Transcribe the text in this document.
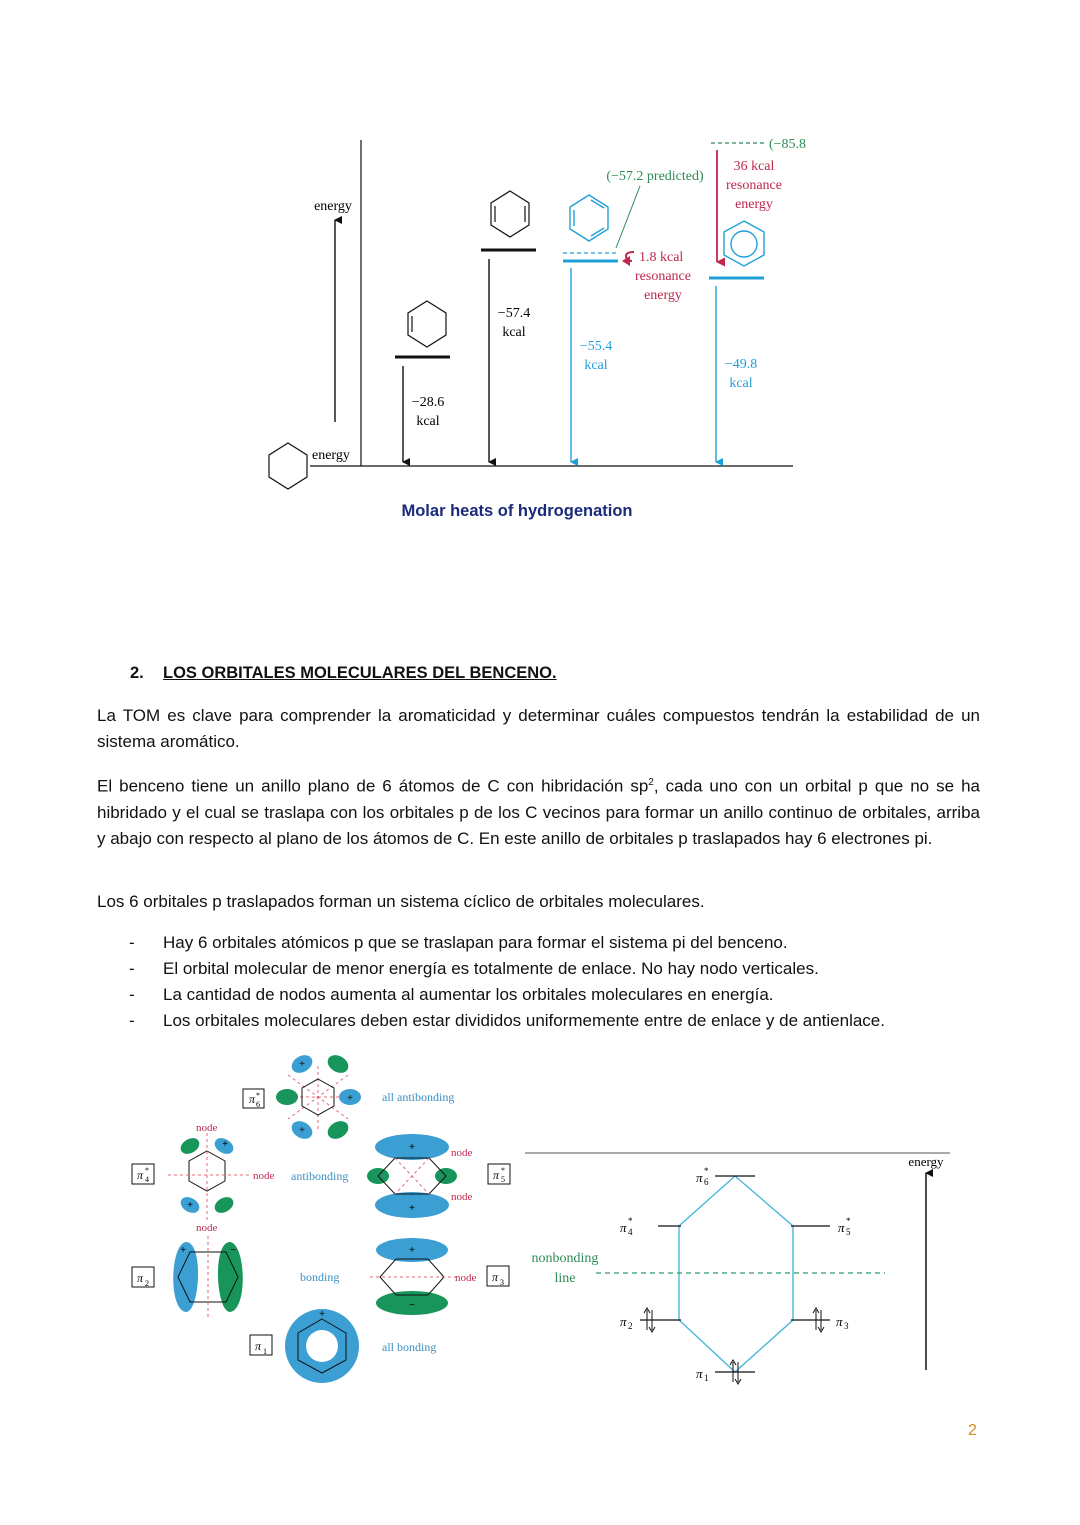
energy
energy
−28.6
kcal
−57.4
kcal
−55.4
kcal
(−57.2 predicted)
1.8 kcal
resonance
energy
(−85.8
36 kcal
resonance
energy
−49.8
kcal
Molar heats of hydrogenation
2. LOS ORBITALES MOLECULARES DEL BENCENO.

La TOM es clave para comprender la aromaticidad y determinar cuáles compuestos tendrán la estabilidad de un sistema aromático.

El benceno tiene un anillo plano de 6 átomos de C con hibridación $sp^2$, cada uno con un orbital p que no se ha hibridado y el cual se traslapa con los orbitales p de los C vecinos para formar un anillo continuo de orbitales, arriba y abajo con respecto al plano de los átomos de C. En este anillo de orbitales p traslapados hay 6 electrones pi.

Los 6 orbitales p traslapados forman un sistema cíclico de orbitales moleculares.

- Hay 6 orbitales atómicos p que se traslapan para formar el sistema pi del benceno.
- El orbital molecular de menor energía es totalmente de enlace. No hay nodo verticales.
- La cantidad de nodos aumenta al aumentar los orbitales moleculares en energía.
- Los orbitales moleculares deben estar divididos uniformemente entre de enlace y de antienlace.
+
+
+
π *
6
all antibonding
+
+
node
node
node
π *
4	antibonding
+
+
node
node
π *
5
+	−
π 2	bonding
+
−
node π 3
+
π 1	all bonding
energy
nonbonding
line
π *
6
π *
4	π *
5
π 2	π 3
π 1
2
